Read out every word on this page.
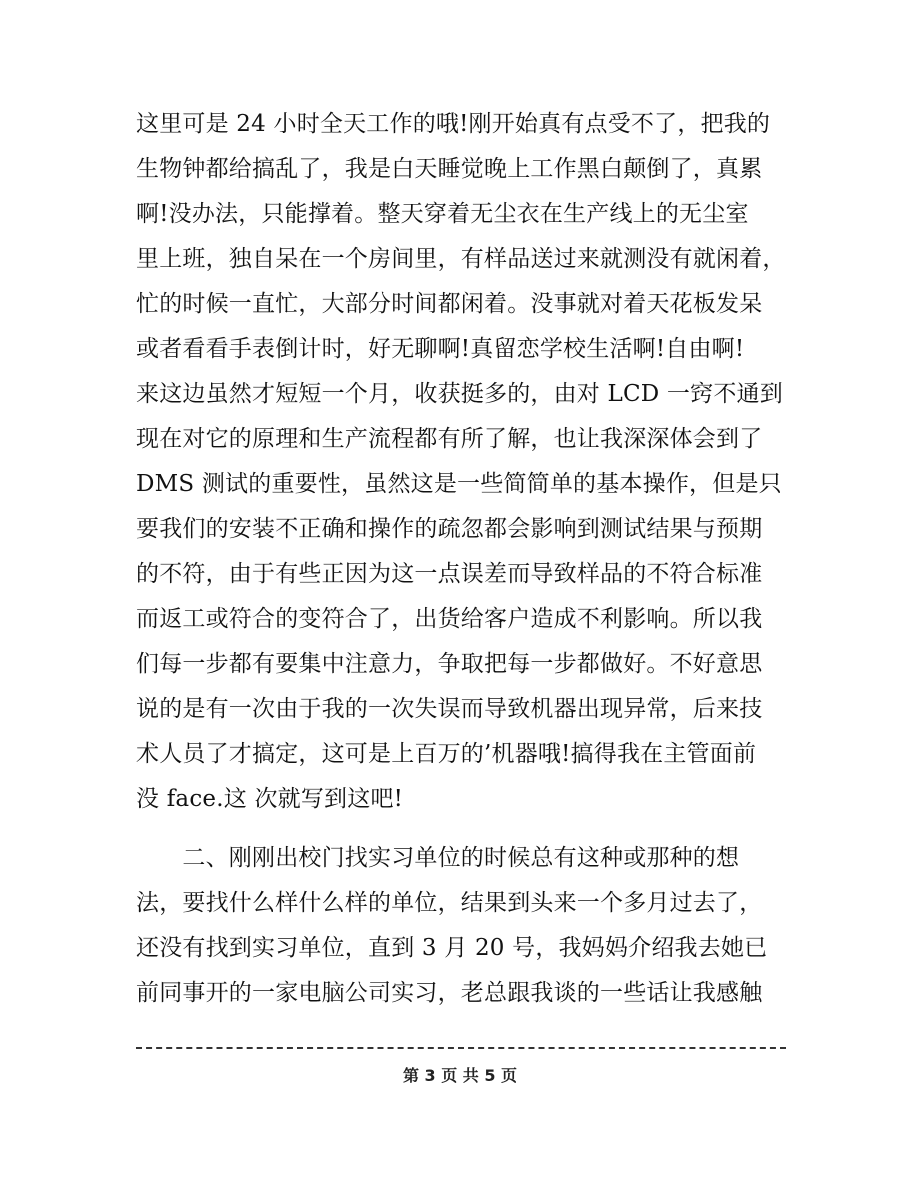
这里可是 24 小时全天工作的哦!刚开始真有点受不了，把我的
生物钟都给搞乱了，我是白天睡觉晚上工作黑白颠倒了，真累
啊!没办法，只能撑着。整天穿着无尘衣在生产线上的无尘室
里上班，独自呆在一个房间里，有样品送过来就测没有就闲着，
忙的时候一直忙，大部分时间都闲着。没事就对着天花板发呆
或者看看手表倒计时，好无聊啊!真留恋学校生活啊!自由啊!
来这边虽然才短短一个月，收获挺多的，由对 LCD 一窍不通到
现在对它的原理和生产流程都有所了解，也让我深深体会到了
DMS 测试的重要性，虽然这是一些简简单的基本操作，但是只
要我们的安装不正确和操作的疏忽都会影响到测试结果与预期
的不符，由于有些正因为这一点误差而导致样品的不符合标准
而返工或符合的变符合了，出货给客户造成不利影响。所以我
们每一步都有要集中注意力，争取把每一步都做好。不好意思
说的是有一次由于我的一次失误而导致机器出现异常，后来技
术人员了才搞定，这可是上百万的’机器哦!搞得我在主管面前
没 face.这 次就写到这吧!
　　二、刚刚出校门找实习单位的时候总有这种或那种的想
法，要找什么样什么样的单位，结果到头来一个多月过去了，
还没有找到实习单位，直到 3 月 20 号，我妈妈介绍我去她已
前同事开的一家电脑公司实习，老总跟我谈的一些话让我感触
第 3 页 共 5 页
